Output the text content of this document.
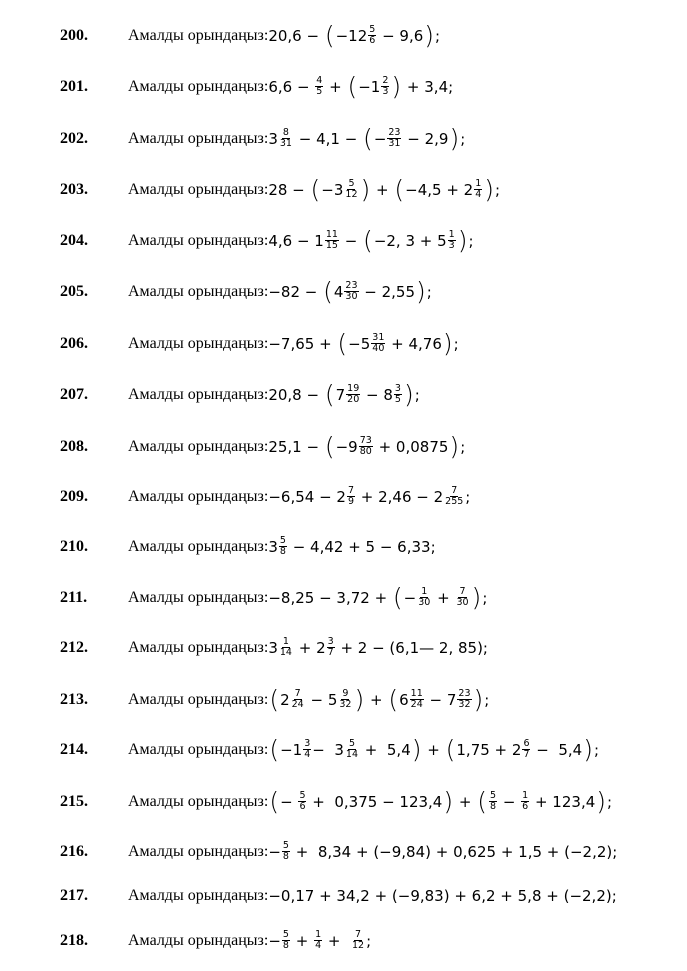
200.	Амалды орындаңыз: 20,6 − ( $-12 \frac{5}{6} - 9,6$ ) ;
201.	Амалды орындаңыз: $6,6 - \frac{4}{5}$ + ( $-1 \frac{2}{3}$ ) + 3,4;
202.	Амалды орындаңыз: $3 \frac{8}{31} - 4,1$ − ( − $\frac{23}{31} - 2,9$ ) ;
203.	Амалды орындаңыз: 28 − ( $-3 \frac{5}{12}$ ) + ( $-4,5 + 2 \frac{1}{4}$ ) ;
204.	Амалды орындаңыз: $4,6 - 1 \frac{11}{15}$ − ( −2, $3 + 5 \frac{1}{3}$ ) ;
205.	Амалды орындаңыз: −82 − ( $4 \frac{23}{30} - 2,55$ ) ;
206.	Амалды орындаңыз: −7,65 + ( $-5 \frac{31}{40} + 4,76$ ) ;
207.	Амалды орындаңыз: 20,8 − ( $7 \frac{19}{20} - 8 \frac{3}{5}$ ) ;
208.	Амалды орындаңыз: 25,1 − ( $-9 \frac{73}{80} + 0,0875$ ) ;
209.	Амалды орындаңыз: $-6,54 - 2 \frac{7}{9} + 2,46 - 2 \frac{7}{255}$ ;
210.	Амалды орындаңыз: $3 \frac{5}{8} - 4,42 + 5 - 6,33$;
211.	Амалды орындаңыз: −8,25 − 3,72 + ( − $\frac{1}{30} + \frac{7}{30}$ ) ;
212.	Амалды орындаңыз: $3 \frac{1}{14} + 2 \frac{3}{7} + 2$ − (6,1— 2, 85);
213.	Амалды орындаңыз: ( $2 \frac{7}{24} - 5 \frac{9}{32}$ ) + ( $6 \frac{11}{24} - 7 \frac{23}{32}$ ) ;
214.	Амалды орындаңыз: ( $-1 \frac{3}{4} - 3 \frac{5}{14} + 5,4$ ) + ( $1,75 + 2 \frac{6}{7} - 5,4$ ) ;
215.	Амалды орындаңыз: ( − $\frac{5}{6} + 0,375 - 123,4$ ) + ( $\frac{5}{8} - \frac{1}{6} + 123,4$ ) ;
216.	Амалды орындаңыз: − $\frac{5}{8} + 8,34 + (-9,84) + 0,625 + 1,5 + (-2,2)$;
217.	Амалды орындаңыз: −0,17 + 34,2 + (−9,83) + 6,2 + 5,8 + (−2,2);
218.	Амалды орындаңыз: − $\frac{5}{8} + \frac{1}{4} + \frac{7}{12}$ ;
